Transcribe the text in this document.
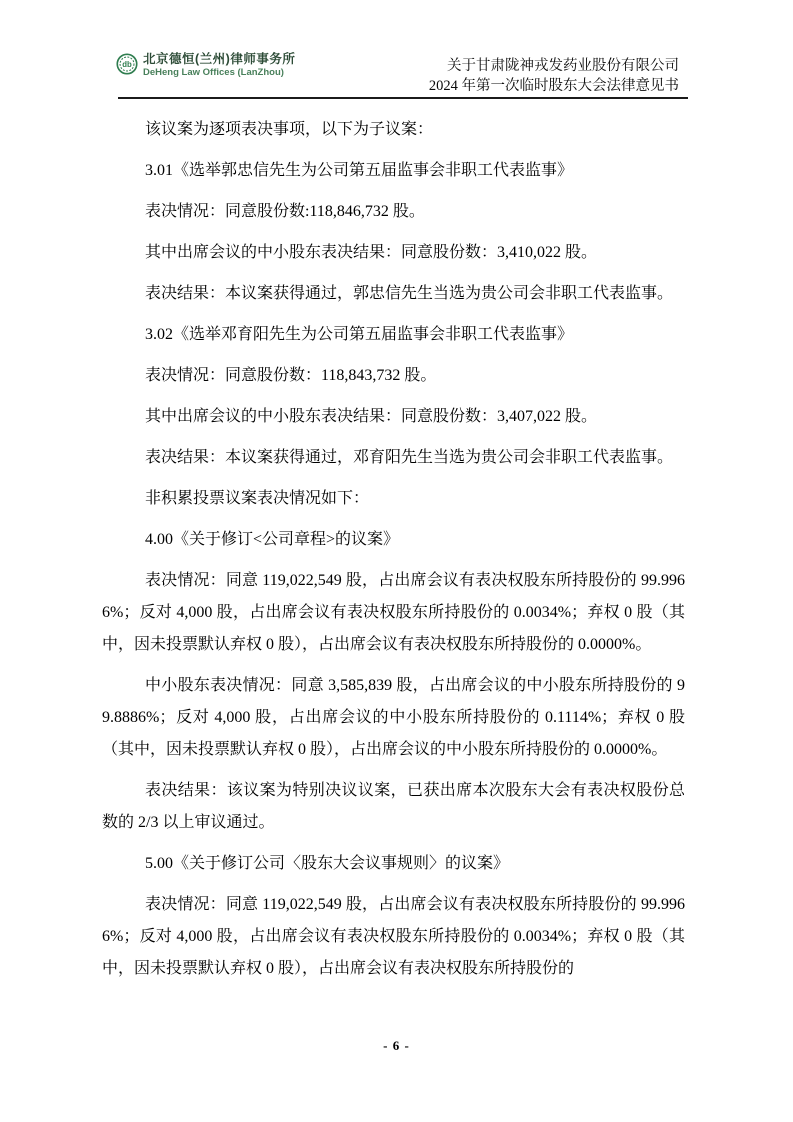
db 北京德恒(兰州)律师事务所
DeHeng Law Offices (LanZhou)	关于甘肃陇神戎发药业股份有限公司
2024 年第一次临时股东大会法律意见书

该议案为逐项表决事项，以下为子议案：

3.01《选举郭忠信先生为公司第五届监事会非职工代表监事》

表决情况：同意股份数:118,846,732 股。

其中出席会议的中小股东表决结果：同意股份数：3,410,022 股。

表决结果：本议案获得通过，郭忠信先生当选为贵公司会非职工代表监事。

3.02《选举邓育阳先生为公司第五届监事会非职工代表监事》

表决情况：同意股份数：118,843,732 股。

其中出席会议的中小股东表决结果：同意股份数：3,407,022 股。

表决结果：本议案获得通过，邓育阳先生当选为贵公司会非职工代表监事。

非积累投票议案表决情况如下：

4.00《关于修订<公司章程>的议案》

表决情况：同意 119,022,549 股，占出席会议有表决权股东所持股份的 99.9966%；反对 4,000 股，占出席会议有表决权股东所持股份的 0.0034%；弃权 0 股（其中，因未投票默认弃权 0 股），占出席会议有表决权股东所持股份的 0.0000%。

中小股东表决情况：同意 3,585,839 股，占出席会议的中小股东所持股份的 99.8886%；反对 4,000 股，占出席会议的中小股东所持股份的 0.1114%；弃权 0 股（其中，因未投票默认弃权 0 股），占出席会议的中小股东所持股份的 0.0000%。

表决结果：该议案为特别决议议案，已获出席本次股东大会有表决权股份总数的 2/3 以上审议通过。

5.00《关于修订公司〈股东大会议事规则〉的议案》

表决情况：同意 119,022,549 股，占出席会议有表决权股东所持股份的 99.9966%；反对 4,000 股，占出席会议有表决权股东所持股份的 0.0034%；弃权 0 股（其中，因未投票默认弃权 0 股），占出席会议有表决权股东所持股份的

- 6 -
